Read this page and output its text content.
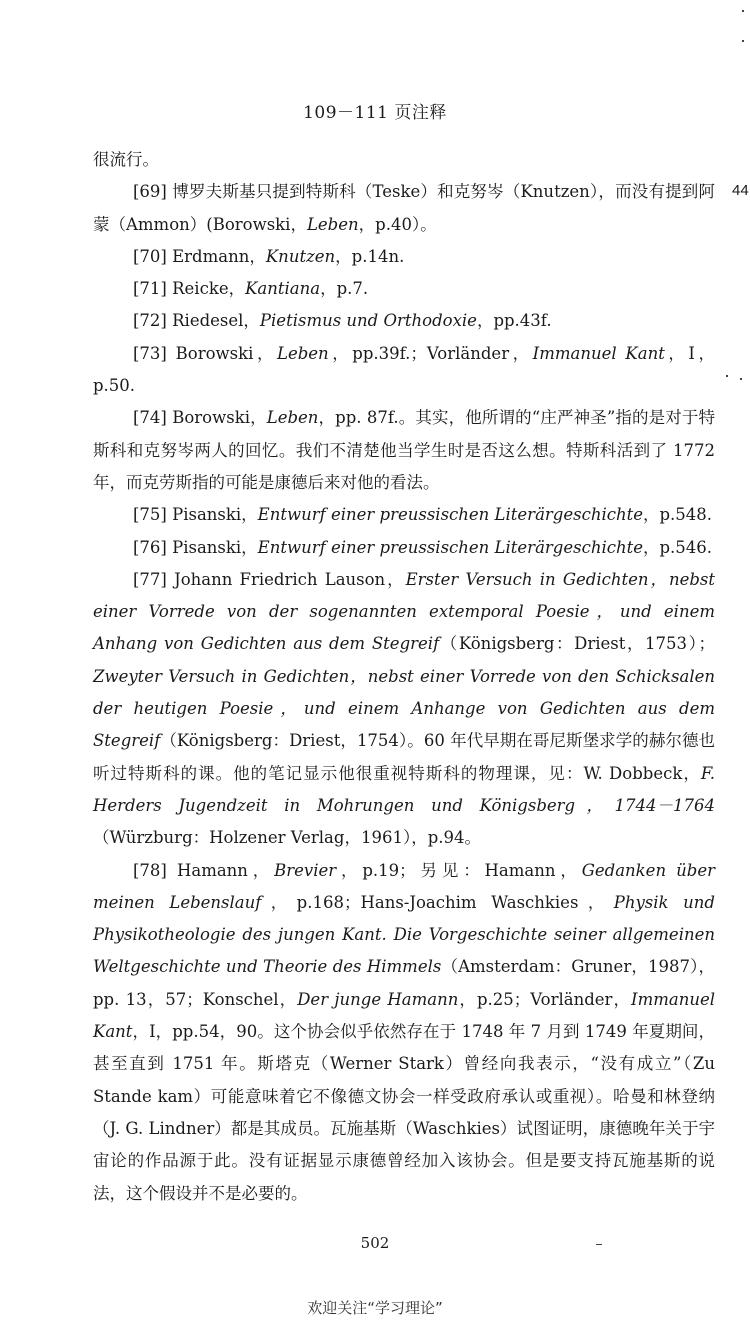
109－111 页注释
44

很流行。

[69] 博罗夫斯基只提到特斯科（Teske）和克努岑（Knutzen），而没有提到阿蒙（Ammon）(Borowski，Leben，p.40）。

[70] Erdmann，Knutzen，p.14n.

[71] Reicke，Kantiana，p.7.

[72] Riedesel，Pietismus und Orthodoxie，pp.43f.

[73] Borowski，Leben，pp.39f.；Vorländer，Immanuel Kant，I，p.50.

[74] Borowski，Leben，pp. 87f.。其实，他所谓的“庄严神圣”指的是对于特斯科和克努岑两人的回忆。我们不清楚他当学生时是否这么想。特斯科活到了 1772 年，而克劳斯指的可能是康德后来对他的看法。

[75] Pisanski，Entwurf einer preussischen Literärgeschichte，p.548.

[76] Pisanski，Entwurf einer preussischen Literärgeschichte，p.546.

[77] Johann Friedrich Lauson，Erster Versuch in Gedichten，nebst einer Vorrede von der sogenannten extemporal Poesie，und einem Anhang von Gedichten aus dem Stegreif（Königsberg：Driest，1753）；Zweyter Versuch in Gedichten，nebst einer Vorrede von den Schicksalen der heutigen Poesie，und einem Anhange von Gedichten aus dem Stegreif（Königsberg：Driest，1754）。60 年代早期在哥尼斯堡求学的赫尔德也听过特斯科的课。他的笔记显示他很重视特斯科的物理课，见：W. Dobbeck，F. Herders Jugendzeit in Mohrungen und Königsberg，1744－1764（Würzburg：Holzener Verlag，1961），p.94。

[78] Hamann，Brevier，p.19；另见：Hamann，Gedanken über meinen Lebenslauf，p.168；Hans-Joachim Waschkies，Physik und Physikotheologie des jungen Kant. Die Vorgeschichte seiner allgemeinen Weltgeschichte und Theorie des Himmels（Amsterdam：Gruner，1987），pp. 13，57；Konschel，Der junge Hamann，p.25；Vorländer，Immanuel Kant，I，pp.54，90。这个协会似乎依然存在于 1748 年 7 月到 1749 年夏期间，甚至直到 1751 年。斯塔克（Werner Stark）曾经向我表示，“没有成立”（Zu Stande kam）可能意味着它不像德文协会一样受政府承认或重视）。哈曼和林登纳（J. G. Lindner）都是其成员。瓦施基斯（Waschkies）试图证明，康德晚年关于宇宙论的作品源于此。没有证据显示康德曾经加入该协会。但是要支持瓦施基斯的说法，这个假设并不是必要的。

502
欢迎关注“学习理论”
